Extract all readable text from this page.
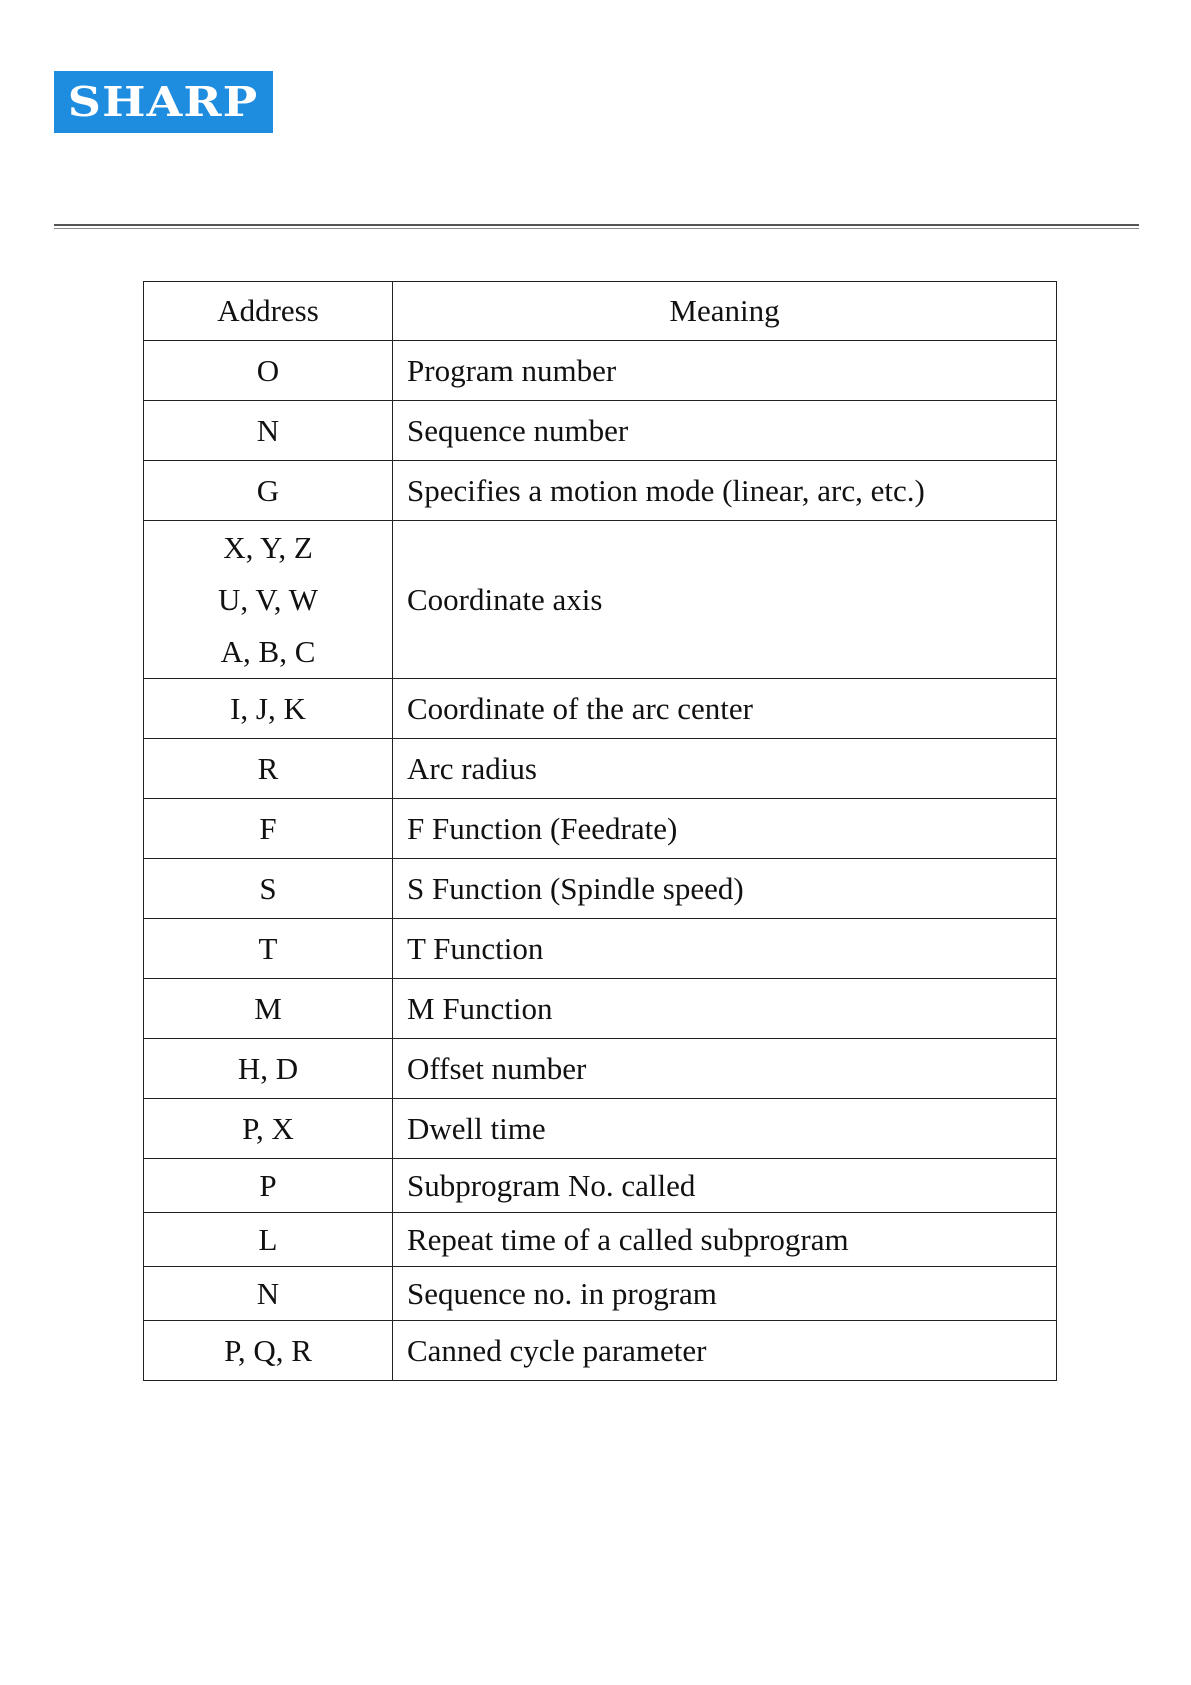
SHARP
Address	Meaning
O	Program number
N	Sequence number
G	Specifies a motion mode (linear, arc, etc.)

X, Y, Z
U, V, W
A, B, C	Coordinate axis
I, J, K	Coordinate of the arc center
R	Arc radius
F	F Function (Feedrate)
S	S Function (Spindle speed)
T	T Function
M	M Function
H, D	Offset number
P, X	Dwell time
P	Subprogram No. called
L	Repeat time of a called subprogram
N	Sequence no. in program
P, Q, R	Canned cycle parameter
